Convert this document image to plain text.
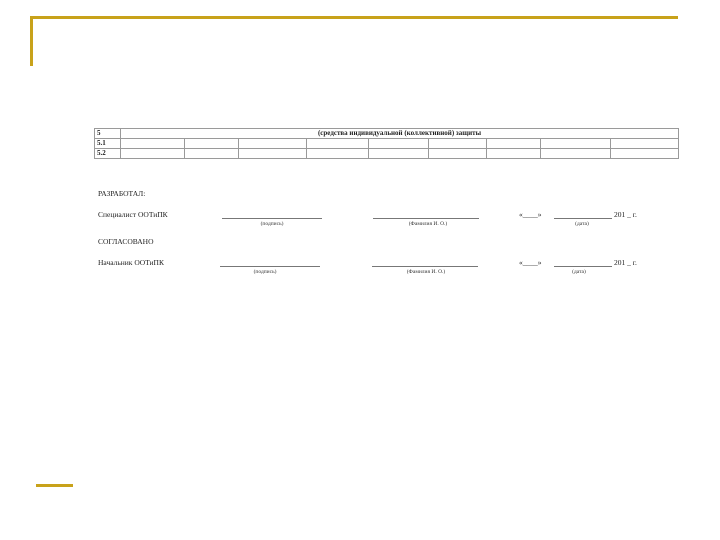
5	(средства индивидуальной (коллективной) защиты								
5.1									
5.2									
РАЗРАБОТАЛ:
Специалист ООТиПК
(подпись)	(Фамилия И. О.)
«____»	201 _ г.
(дата)
СОГЛАСОВАНО
Начальник ООТиПК
(подпись)	(Фамилия И. О.)
«____»	201 _ г.
(дата)
